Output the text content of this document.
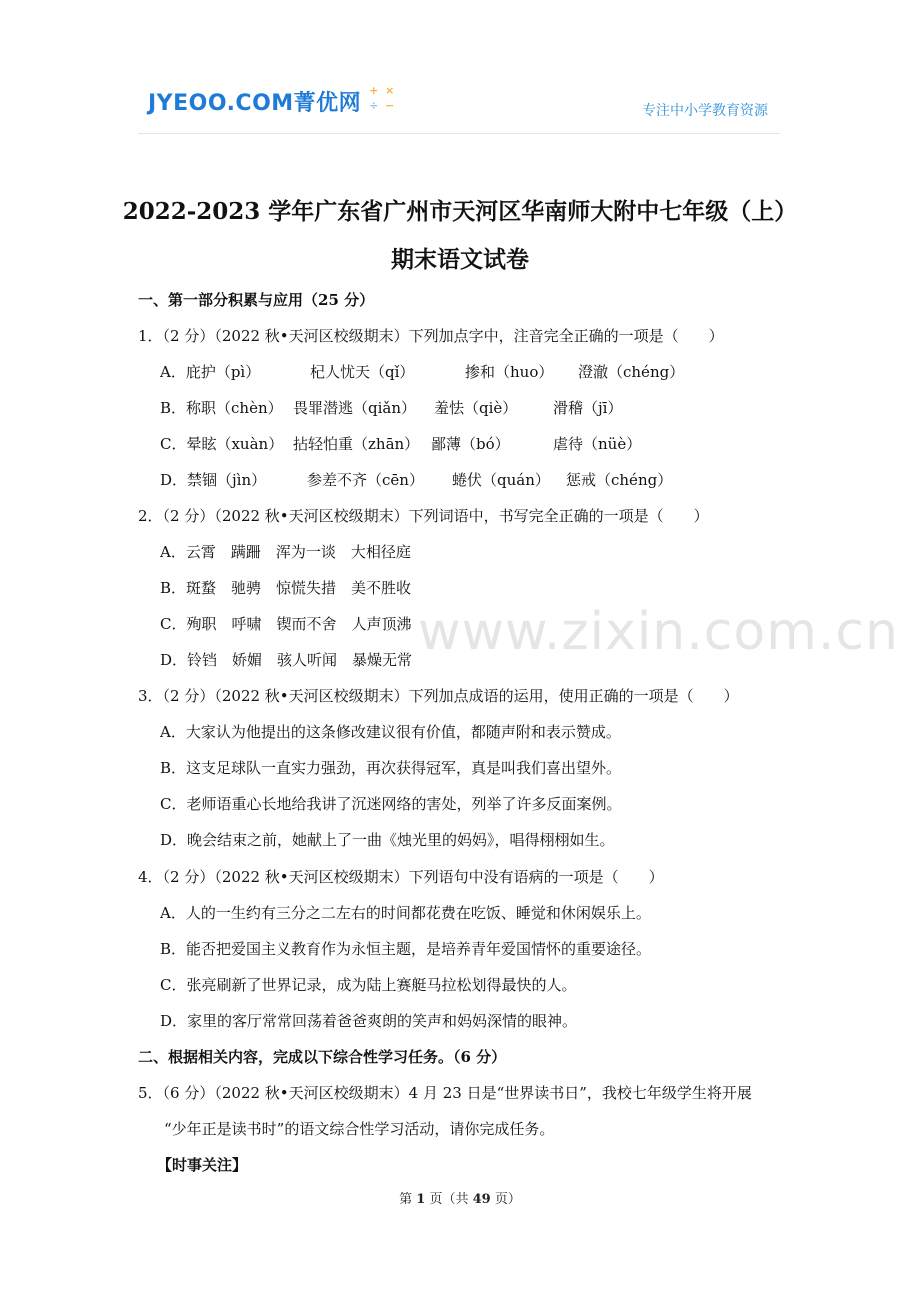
JYEOO.COM菁优网 + ×
÷ −	专注中小学教育资源
2022-2023 学年广东省广州市天河区华南师大附中七年级（上）
期末语文试卷
一、第一部分积累与应用（25 分）
1．（2 分）（2022 秋•天河区校级期末）下列加点字中，注音完全正确的一项是（　　）
A．庇护（pì）	杞人忧天（qǐ）	掺和（huo） 澄澈（chéng）
B．称职（chèn） 畏罪潜逃（qiǎn） 羞怯（qiè） 滑稽（jī）
C．晕眩（xuàn） 拈轻怕重（zhān） 鄙薄（bó）	虐待（nüè）
D．禁锢（jìn）	参差不齐（cēn） 蜷伏（quán） 惩戒（chéng）
2．（2 分）（2022 秋•天河区校级期末）下列词语中，书写完全正确的一项是（　　）
A．云霄　蹒跚　浑为一谈　大相径庭
B．斑蝥　驰骋　惊慌失措　美不胜收
C．殉职　呼啸　锲而不舍　人声顶沸
D．铃铛　娇媚　骇人听闻　暴燥无常
3．（2 分）（2022 秋•天河区校级期末）下列加点成语的运用，使用正确的一项是（　　）
A．大家认为他提出的这条修改建议很有价值，都随声附和表示赞成。
B．这支足球队一直实力强劲，再次获得冠军，真是叫我们喜出望外。
C．老师语重心长地给我讲了沉迷网络的害处，列举了许多反面案例。
D．晚会结束之前，她献上了一曲《烛光里的妈妈》，唱得栩栩如生。
4．（2 分）（2022 秋•天河区校级期末）下列语句中没有语病的一项是（　　）
A．人的一生约有三分之二左右的时间都花费在吃饭、睡觉和休闲娱乐上。
B．能否把爱国主义教育作为永恒主题，是培养青年爱国情怀的重要途径。
C．张亮刷新了世界记录，成为陆上赛艇马拉松划得最快的人。
D．家里的客厅常常回荡着爸爸爽朗的笑声和妈妈深情的眼神。
二、根据相关内容，完成以下综合性学习任务。（6 分）
5．（6 分）（2022 秋•天河区校级期末）4 月 23 日是“世界读书日”，我校七年级学生将开展
“少年正是读书时”的语文综合性学习活动，请你完成任务。
【时事关注】
www.zixin.com.cn
第 1 页（共 49 页）
